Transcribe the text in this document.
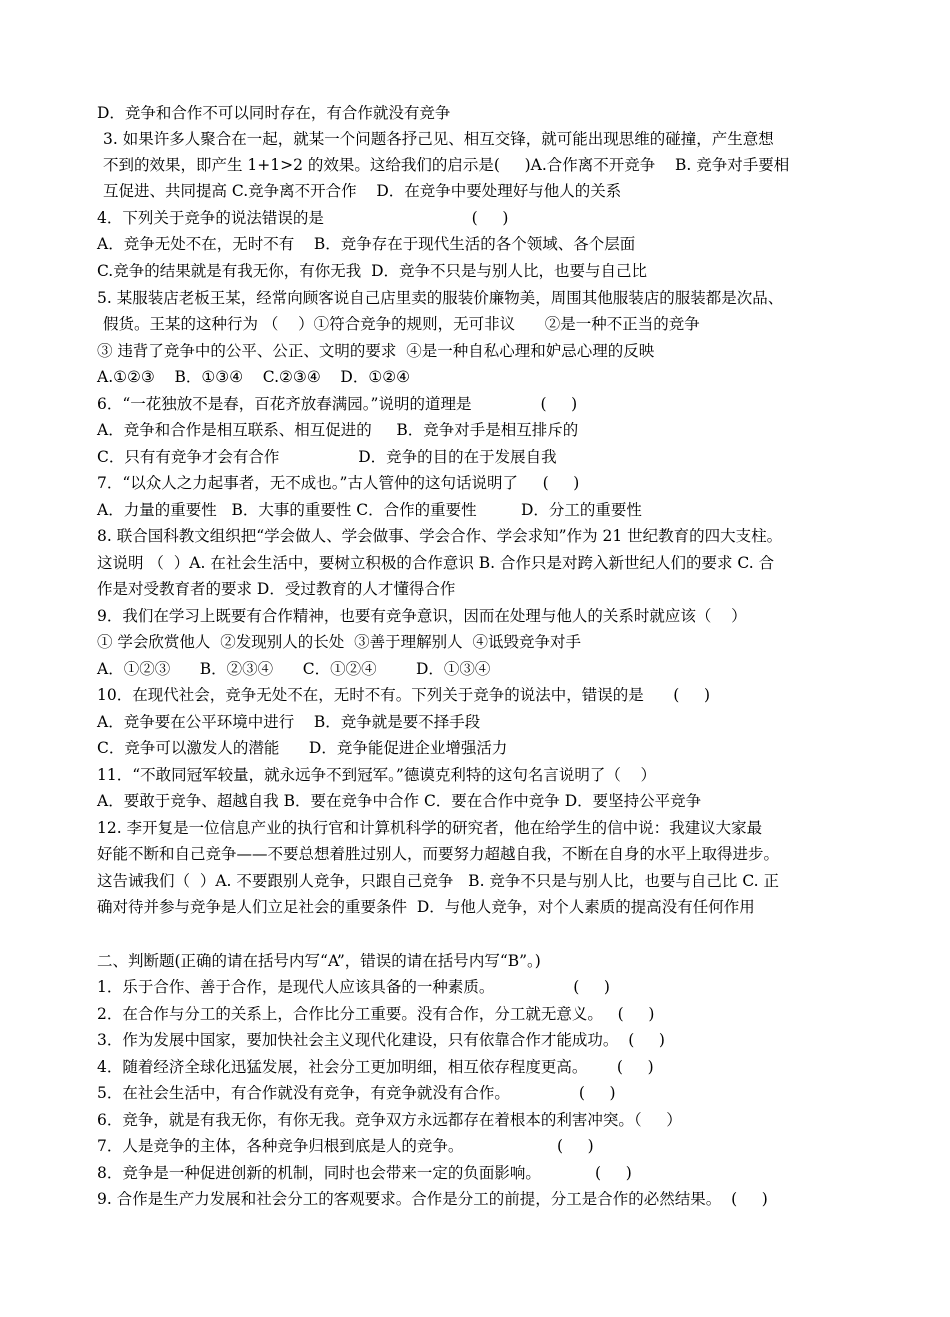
D．竞争和合作不可以同时存在，有合作就没有竞争
3. 如果许多人聚合在一起，就某一个问题各抒己见、相互交锋，就可能出现思维的碰撞，产生意想
不到的效果，即产生 1+1>2 的效果。这给我们的启示是(     )A.合作离不开竞争    B. 竞争对手要相
互促进、共同提高 C.竞争离不开合作    D．在竞争中要处理好与他人的关系
4．下列关于竞争的说法错误的是                              (     )
A．竞争无处不在，无时不有    B．竞争存在于现代生活的各个领域、各个层面
C.竞争的结果就是有我无你，有你无我  D．竞争不只是与别人比，也要与自己比
5. 某服装店老板王某，经常向顾客说自己店里卖的服装价廉物美，周围其他服装店的服装都是次品、
假货。王某的这种行为 （    ）①符合竞争的规则，无可非议      ②是一种不正当的竞争
③ 违背了竞争中的公平、公正、文明的要求  ④是一种自私心理和妒忌心理的反映
A.①②③    B．①③④    C.②③④    D．①②④
6．“一花独放不是春，百花齐放春满园。”说明的道理是              (     )
A．竞争和合作是相互联系、相互促进的     B．竞争对手是相互排斥的
C．只有有竞争才会有合作                D．竞争的目的在于发展自我
7．“以众人之力起事者，无不成也。”古人管仲的这句话说明了     (     )
A．力量的重要性   B．大事的重要性 C．合作的重要性         D．分工的重要性
8. 联合国科教文组织把“学会做人、学会做事、学会合作、学会求知”作为 21 世纪教育的四大支柱。
这说明 （  ）A. 在社会生活中，要树立积极的合作意识 B. 合作只是对跨入新世纪人们的要求 C. 合
作是对受教育者的要求 D．受过教育的人才懂得合作
9．我们在学习上既要有合作精神，也要有竞争意识，因而在处理与他人的关系时就应该（    ）
① 学会欣赏他人  ②发现别人的长处  ③善于理解别人  ④诋毁竞争对手
A．①②③      B．②③④      C．①②④        D．①③④
10．在现代社会，竞争无处不在，无时不有。下列关于竞争的说法中，错误的是      (     )
A．竞争要在公平环境中进行    B．竞争就是要不择手段
C．竞争可以激发人的潜能      D．竞争能促进企业增强活力
11．“不敢同冠军较量，就永远争不到冠军。”德谟克利特的这句名言说明了（    ）
A．要敢于竞争、超越自我 B．要在竞争中合作 C．要在合作中竞争 D．要坚持公平竞争
12. 李开复是一位信息产业的执行官和计算机科学的研究者，他在给学生的信中说：我建议大家最
好能不断和自己竞争——不要总想着胜过别人，而要努力超越自我，不断在自身的水平上取得进步。
这告诫我们（  ）A. 不要跟别人竞争，只跟自己竞争   B. 竞争不只是与别人比，也要与自己比 C. 正
确对待并参与竞争是人们立足社会的重要条件  D．与他人竞争，对个人素质的提高没有任何作用
二、判断题(正确的请在括号内写“A”，错误的请在括号内写“B”。)
1．乐于合作、善于合作，是现代人应该具备的一种素质。                (     )
2．在合作与分工的关系上，合作比分工重要。没有合作，分工就无意义。   (     )
3．作为发展中国家，要加快社会主义现代化建设，只有依靠合作才能成功。  (     )
4．随着经济全球化迅猛发展，社会分工更加明细，相互依存程度更高。      (     )
5．在社会生活中，有合作就没有竞争，有竞争就没有合作。              (     )
6．竞争，就是有我无你，有你无我。竞争双方永远都存在着根本的利害冲突。（     ）
7．人是竞争的主体，各种竞争归根到底是人的竞争。                   (     )
8．竞争是一种促进创新的机制，同时也会带来一定的负面影响。           (     )
9. 合作是生产力发展和社会分工的客观要求。合作是分工的前提，分工是合作的必然结果。  (     )
